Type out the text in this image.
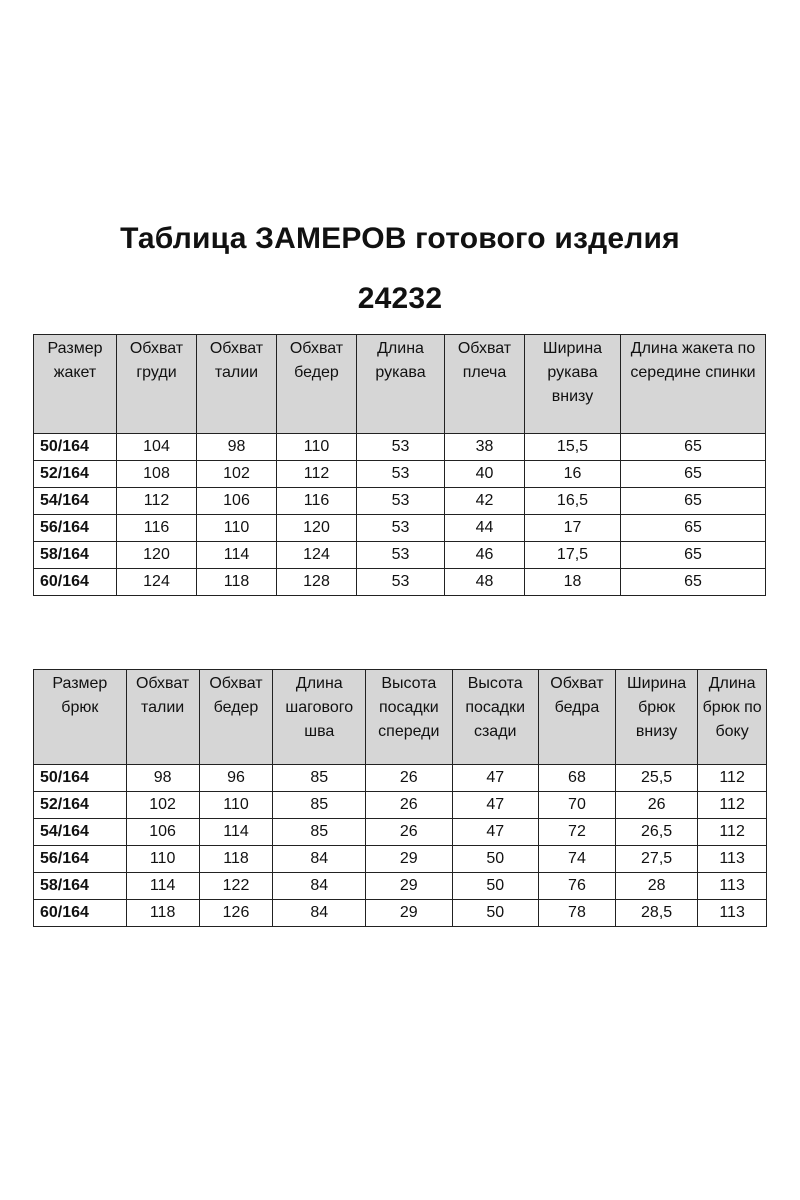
Таблица ЗАМЕРОВ готового изделия
24232
Размер жакет	Обхват груди	Обхват талии	Обхват бедер	Длина рукава	Обхват плеча	Ширина рукава внизу	Длина жакета по середине спинки
50/164	104	98	110	53	38	15,5	65
52/164	108	102	112	53	40	16	65
54/164	112	106	116	53	42	16,5	65
56/164	116	110	120	53	44	17	65
58/164	120	114	124	53	46	17,5	65
60/164	124	118	128	53	48	18	65
Размер брюк	Обхват талии	Обхват бедер	Длина шагового шва	Высота посадки спереди	Высота посадки сзади	Обхват бедра	Ширина брюк внизу	Длина брюк по боку
50/164	98	96	85	26	47	68	25,5	112
52/164	102	110	85	26	47	70	26	112
54/164	106	114	85	26	47	72	26,5	112
56/164	110	118	84	29	50	74	27,5	113
58/164	114	122	84	29	50	76	28	113
60/164	118	126	84	29	50	78	28,5	113
